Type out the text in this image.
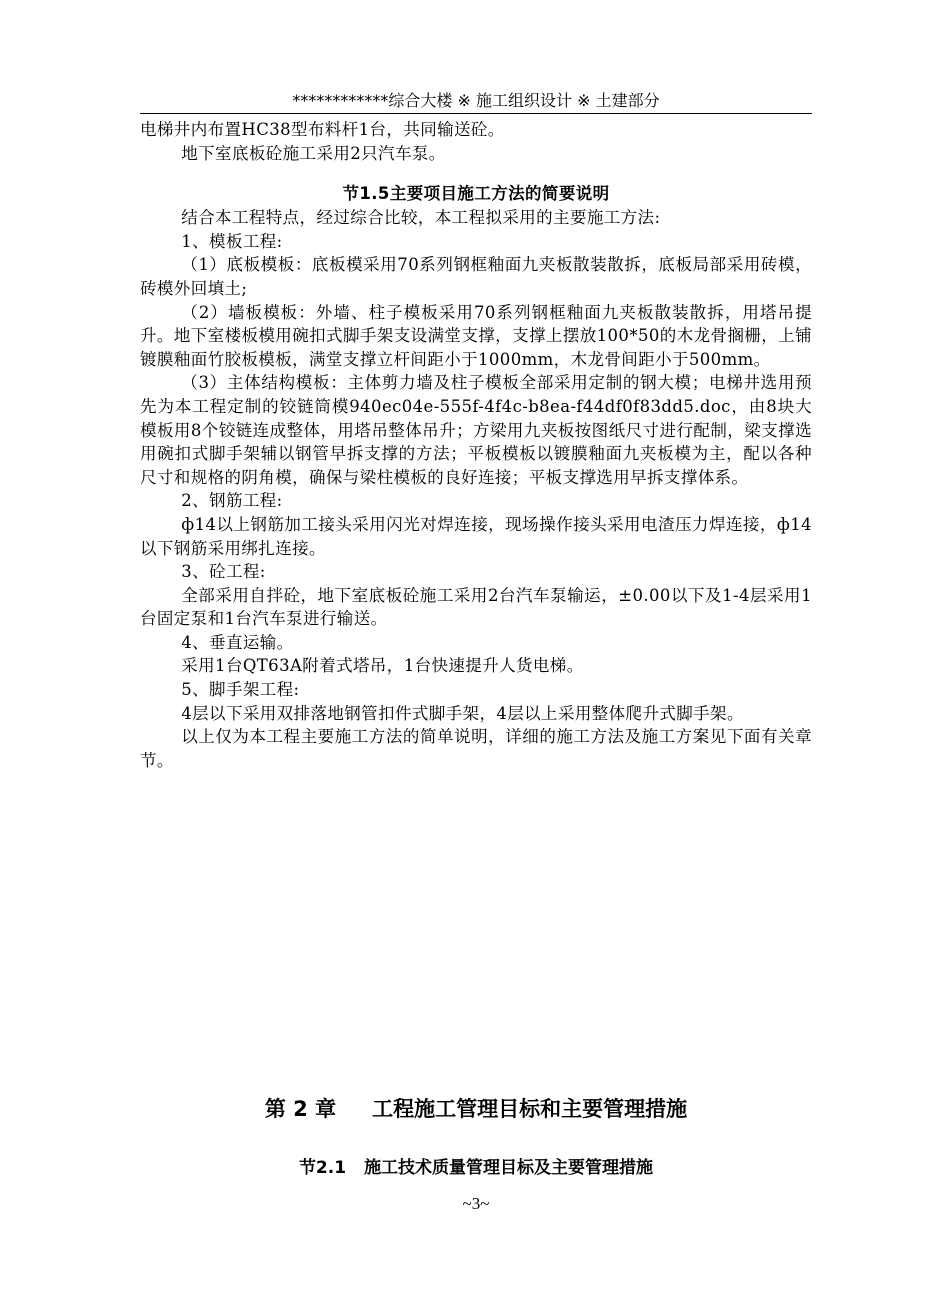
************综合大楼 ※ 施工组织设计 ※ 土建部分

电梯井内布置HC38型布料杆1台，共同输送砼。

地下室底板砼施工采用2只汽车泵。

节1.5主要项目施工方法的简要说明

结合本工程特点，经过综合比较，本工程拟采用的主要施工方法:

1、模板工程:

（1）底板模板：底板模采用70系列钢框釉面九夹板散装散拆，底板局部采用砖模，砖模外回填土;

（2）墙板模板：外墙、柱子模板采用70系列钢框釉面九夹板散装散拆，用塔吊提升。地下室楼板模用碗扣式脚手架支设满堂支撑，支撑上摆放100*50的木龙骨搁栅，上铺镀膜釉面竹胶板模板，满堂支撑立杆间距小于1000mm，木龙骨间距小于500mm。

（3）主体结构模板：主体剪力墙及柱子模板全部采用定制的钢大模；电梯井选用预先为本工程定制的铰链筒模940ec04e-555f-4f4c-b8ea-f44df0f83dd5.doc，由8块大模板用8个铰链连成整体，用塔吊整体吊升；方梁用九夹板按图纸尺寸进行配制，梁支撑选用碗扣式脚手架辅以钢管早拆支撑的方法；平板模板以镀膜釉面九夹板模为主，配以各种尺寸和规格的阴角模，确保与梁柱模板的良好连接；平板支撑选用早拆支撑体系。

2、钢筋工程:

ф14以上钢筋加工接头采用闪光对焊连接，现场操作接头采用电渣压力焊连接，ф14以下钢筋采用绑扎连接。

3、砼工程:

全部采用自拌砼，地下室底板砼施工采用2台汽车泵输运，±0.00以下及1-4层采用1台固定泵和1台汽车泵进行输送。

4、垂直运输。

采用1台QT63A附着式塔吊，1台快速提升人货电梯。

5、脚手架工程:

4层以下采用双排落地钢管扣件式脚手架，4层以上采用整体爬升式脚手架。

以上仅为本工程主要施工方法的简单说明，详细的施工方法及施工方案见下面有关章节。

第 2 章 工程施工管理目标和主要管理措施
节2.1 施工技术质量管理目标及主要管理措施
~3~
